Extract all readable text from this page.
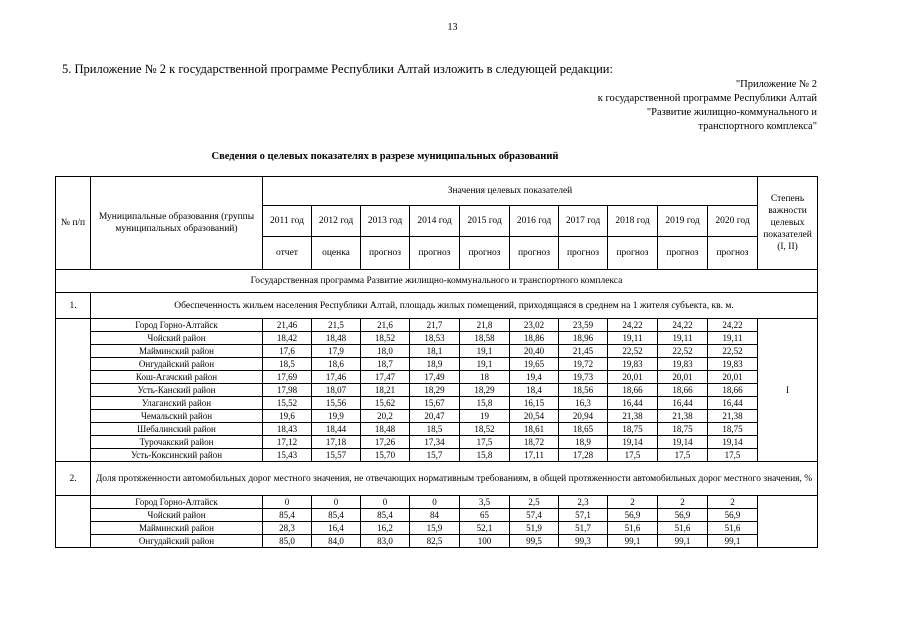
13
5. Приложение № 2 к государственной программе Республики Алтай изложить в следующей редакции:
"Приложение № 2
к государственной программе Республики Алтай
"Развитие жилищно-коммунального и
транспортного комплекса"
Сведения о целевых показателях в разрезе муниципальных образований
№ п/п	Муниципальные образования (группы муниципальных образований)	Значения целевых показателей										Степень важности целевых показателей (I, II)
		2011 год	2012 год	2013 год	2014 год	2015 год	2016 год	2017 год	2018 год	2019 год	2020 год	
		отчет	оценка	прогноз	прогноз	прогноз	прогноз	прогноз	прогноз	прогноз	прогноз	
Государственная программа Развитие жилищно-коммунального и транспортного комплекса												
1.	Обеспеченность жильем населения Республики Алтай, площадь жилых помещений, приходящаяся в среднем на 1 жителя субъекта, кв. м.											
	Город Горно-Алтайск	21,46	21,5	21,6	21,7	21,8	23,02	23,59	24,22	24,22	24,22	I
	Чойский район	18,42	18,48	18,52	18,53	18,58	18,86	18,96	19,11	19,11	19,11	
	Майминский район	17,6	17,9	18,0	18,1	19,1	20,40	21,45	22,52	22,52	22,52	
	Онгудайский район	18,5	18,6	18,7	18,9	19,1	19,65	19,72	19,83	19,83	19,83	
	Кош-Агачский район	17,69	17,46	17,47	17,49	18	19,4	19,73	20,01	20,01	20,01	
	Усть-Канский район	17,98	18,07	18,21	18,29	18,29	18,4	18,56	18,66	18,66	18,66	
	Улаганский район	15,52	15,56	15,62	15,67	15,8	16,15	16,3	16,44	16,44	16,44	
	Чемальский район	19,6	19,9	20,2	20,47	19	20,54	20,94	21,38	21,38	21,38	
	Шебалинский район	18,43	18,44	18,48	18,5	18,52	18,61	18,65	18,75	18,75	18,75	
	Турочакский район	17,12	17,18	17,26	17,34	17,5	18,72	18,9	19,14	19,14	19,14	
	Усть-Коксинский район	15,43	15,57	15,70	15,7	15,8	17,11	17,28	17,5	17,5	17,5	
2.	Доля протяженности автомобильных дорог местного значения, не отвечающих нормативным требованиям, в общей протяженности автомобильных дорог местного значения, %											
	Город Горно-Алтайск	0	0	0	0	3,5	2,5	2,3	2	2	2	
	Чойский район	85,4	85,4	85,4	84	65	57,4	57,1	56,9	56,9	56,9	
	Майминский район	28,3	16,4	16,2	15,9	52,1	51,9	51,7	51,6	51,6	51,6	
	Онгудайский район	85,0	84,0	83,0	82,5	100	99,5	99,3	99,1	99,1	99,1	
